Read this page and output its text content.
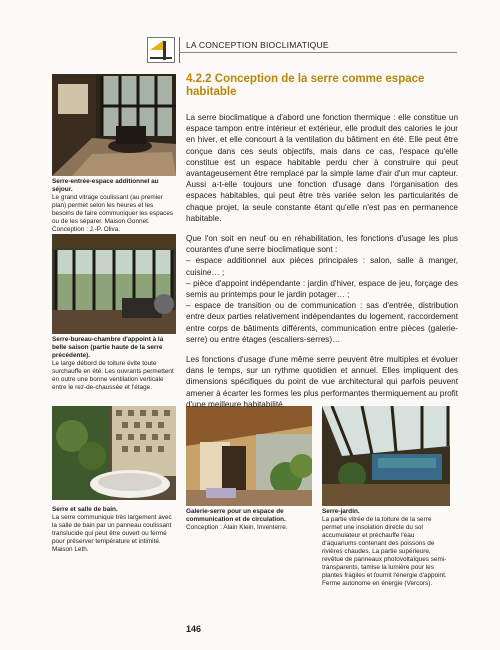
LA CONCEPTION BIOCLIMATIQUE
Serre-entrée-espace additionnel au séjour.
Le grand vitrage coulissant (au premier plan) permet selon les heures et les besoins de faire communiquer les espaces ou de les séparer. Maison Gonnet. Conception : J.-P. Oliva.
Serre-bureau-chambre d'appoint à la belle saison (partie haute de la serre précédente).
Le large débord de toiture évite toute surchauffe en été. Les ouvrants permettent en outre une bonne ventilation verticale entre le rez-de-chaussée et l'étage.
Serre et salle de bain.
La serre communique très largement avec la salle de bain par un panneau coulissant translucide qui peut être ouvert ou fermé pour préserver température et intimité. Maison Leth.
Galerie-serre pour un espace de communication et de circulation.
Conception : Alain Klein, Inventerre.
Serre-jardin.
La partie vitrée de la toiture de la serre permet une insolation directe du sol accumulateur et préchauffe l'eau d'aquariums contenant des poissons de rivières chaudes. La partie supérieure, revêtue de panneaux photovoltaïques semi-transparents, tamise la lumière pour les plantes fragiles et fournit l'énergie d'appoint. Ferme autonome en énergie (Vercors).
4.2.2 Conception de la serre comme espace habitable

La serre bioclimatique a d'abord une fonction thermique : elle constitue un espace tampon entre intérieur et extérieur, elle produit des calories le jour en hiver, et elle concourt à la ventilation du bâtiment en été. Elle peut être conçue dans ces seuls objectifs, mais dans ce cas, l'espace qu'elle constitue est un espace habitable perdu cher à construire qui peut avantageusement être remplacé par la simple lame d'air d'un mur capteur. Aussi a-t-elle toujours une fonction d'usage dans l'organisation des espaces habitables, qui peut être très variée selon les particularités de chaque projet, la seule constante étant qu'elle n'est pas en permanence habitable.

Que l'on soit en neuf ou en réhabilitation, les fonctions d'usage les plus courantes d'une serre bioclimatique sont :
– espace additionnel aux pièces principales : salon, salle à manger, cuisine… ;
– pièce d'appoint indépendante : jardin d'hiver, espace de jeu, forçage des semis au printemps pour le jardin potager… ;
– espace de transition ou de communication : sas d'entrée, distribution entre deux parties relativement indépendantes du logement, raccordement entre corps de bâtiments différents, communication entre pièces (galerie-serre) ou entre étages (escaliers-serres)…

Les fonctions d'usage d'une même serre peuvent être multiples et évoluer dans le temps, sur un rythme quotidien et annuel. Elles impliquent des dimensions spécifiques du point de vue architectural qui parfois peuvent amener à écarter les formes les plus performantes thermiquement au profit d'une meilleure habitabilité.

146
